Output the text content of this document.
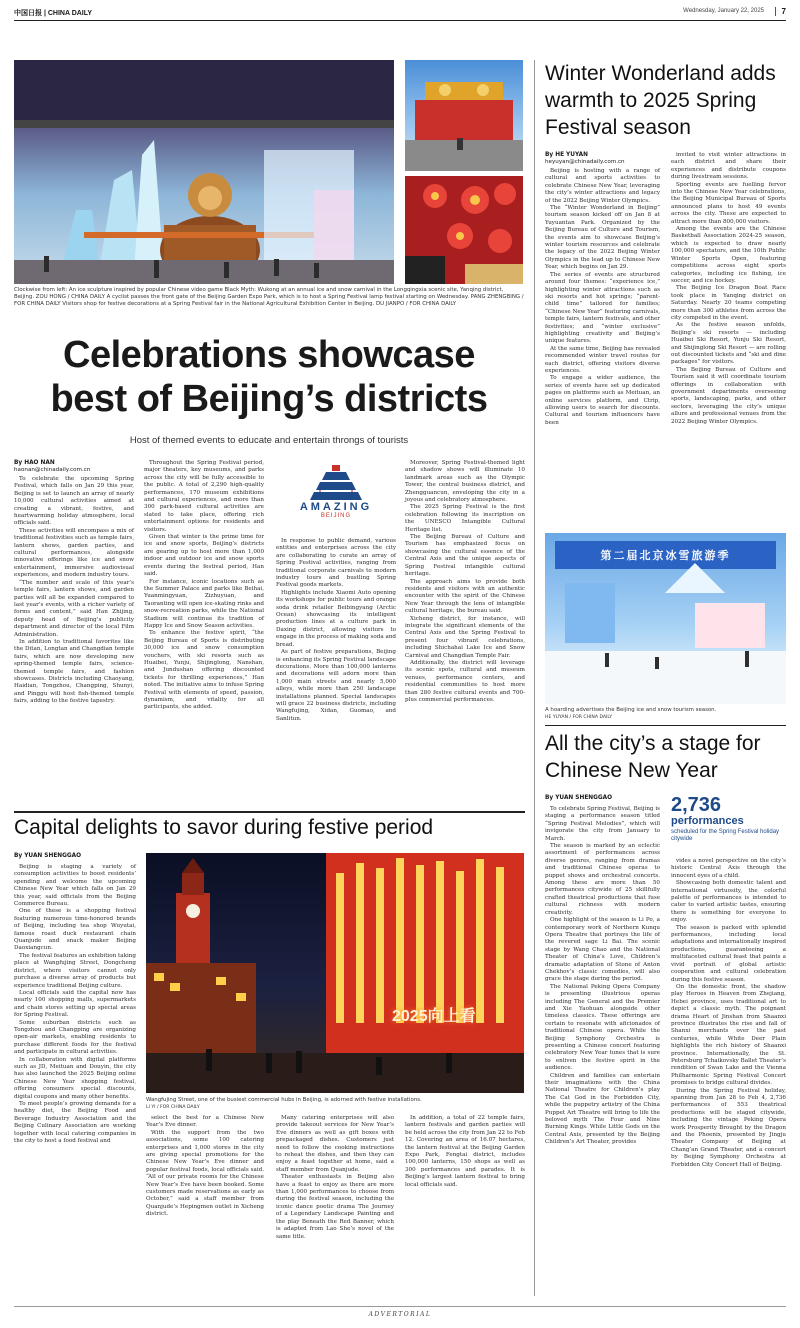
中国日报 | CHINA DAILY	Wednesday, January 22, 2025	7
Clockwise from left: An ice sculpture inspired by popular Chinese video game Black Myth: Wukong at an annual ice and snow carnival in the Longqingxia scenic site, Yanqing district, Beijing. ZOU HONG / CHINA DAILY A cyclist passes the front gate of the Beijing Garden Expo Park, which is to host a Spring Festival lamp festival starting on Wednesday. PANG ZHENGBING / FOR CHINA DAILY Visitors shop for festive decorations at a Spring Festival fair in the National Agricultural Exhibition Center in Beijing. DU JIANPO / FOR CHINA DAILY
Celebrations showcase
best of Beijing’s districts
Host of themed events to educate and entertain throngs of tourists
By HAO NAN
haonan@chinadaily.com.cn

To celebrate the upcoming Spring Festival, which falls on Jan 29 this year, Beijing is set to launch an array of nearly 10,000 cultural activities aimed at creating a vibrant, festive, and heartwarming holiday atmosphere, local officials said.

These activities will encompass a mix of traditional festivities such as temple fairs, lantern shows, garden parties, and cultural performances, alongside innovative offerings like ice and snow entertainment, immersive audiovisual experiences, and modern industry tours.

“The number and scale of this year’s temple fairs, lantern shows, and garden parties will all be expanded compared to last year’s events, with a richer variety of forms and content,” said Han Zhijing, deputy head of Beijing’s publicity department and director of the local Film Administration.

In addition to traditional favorites like the Ditan, Longtan and Changdian temple fairs, which are now developing new spring-themed temple fairs, science-themed temple fairs, and fashion showcases. Districts including Chaoyang, Haidian, Tongzhou, Changping, Shunyi, and Pinggu will host fish-themed temple fairs, adding to the festive tapestry.

Throughout the Spring Festival period, major theaters, key museums, and parks across the city will be fully accessible to the public. A total of 2,290 high-quality performances, 170 museum exhibitions and cultural experiences, and more than 300 park-based cultural activities are slated to take place, offering rich entertainment options for residents and visitors.

Given that winter is the prime time for ice and snow sports, Beijing’s districts are gearing up to host more than 1,000 indoor and outdoor ice and snow sports events during the festival period, Han said.

For instance, iconic locations such as the Summer Palace and parks like Beihai, Yuanmingyuan, Zizhuyuan, and Taoranting will open ice-skating rinks and snow-recreation parks, while the National Stadium will continue its tradition of Happy Ice and Snow Season activities.

To enhance the festive spirit, “the Beijing Bureau of Sports is distributing 30,000 ice and snow consumption vouchers, with ski resorts such as Huaibei, Yunju, Shijinglong, Nanshan, and Jundushan offering discounted tickets for thrilling experiences,” Han noted. The initiative aims to infuse Spring Festival with elements of speed, passion, dynamism, and vitality for all participants, she added.

AMAZING
BEIJING

In response to public demand, various entities and enterprises across the city are collaborating to curate an array of Spring Festival activities, ranging from traditional corporate carnivals to modern industry tours and bustling Spring Festival goods markets.

Highlights include Xiaomi Auto opening its workshops for public tours and orange soda drink retailer Beibingyang (Arctic Ocean) showcasing its intelligent production lines at a culture park in Daxing district, allowing visitors to engage in the process of making soda and bread.

As part of festive preparations, Beijing is enhancing its Spring Festival landscape decorations. More than 100,000 lanterns and decorations will adorn more than 1,000 main streets and nearly 5,000 alleys, while more than 250 landscape installations planned. Special landscapes will grace 22 business districts, including Wangfujing, Xidan, Guomao, and Sanlitun.

Moreover, Spring Festival-themed light and shadow shows will illuminate 10 landmark areas such as the Olympic Tower, the central business district, and Zhengguancun, enveloping the city in a joyous and celebratory atmosphere.

The 2025 Spring Festival is the first celebration following its inscription on the UNESCO Intangible Cultural Heritage list.

The Beijing Bureau of Culture and Tourism has emphasized focus on showcasing the cultural essence of the Central Axis and the unique aspects of Spring Festival intangible cultural heritage.

The approach aims to provide both residents and visitors with an authentic encounter with the spirit of the Chinese New Year through the lens of intangible cultural heritage, the bureau said.

Xicheng district, for instance, will integrate the significant elements of the Central Axis and the Spring Festival to present four vibrant celebrations, including Shichahai Lake Ice and Snow Carnival and Changdian Temple Fair.

Additionally, the district will leverage its scenic spots, cultural and museum venues, performance centers, and residential communities to host more than 280 festive cultural events and 700-plus commercial performances.

Winter Wonderland adds warmth to 2025 Spring Festival season
By HE YUYAN
heyuyan@chinadaily.com.cn

Beijing is hosting with a range of cultural and sports activities to celebrate Chinese New Year, leveraging the city’s winter attractions and legacy of the 2022 Beijing Winter Olympics.

The “Winter Wonderland in Beijing” tourism season kicked off on Jan 8 at Yuyuantan Park. Organized by the Beijing Bureau of Culture and Tourism, the events aim to showcase Beijing’s winter tourism resources and celebrate the legacy of the 2022 Beijing Winter Olympics in the lead up to Chinese New Year, which begins on Jan 29.

The series of events are structured around four themes: “experience ice,” highlighting winter attractions such as ski resorts and hot springs; “parent-child time” tailored for families; “Chinese New Year” featuring carnivals, temple fairs, lantern festivals, and other festivities; and “winter exclusive” highlighting creativity and Beijing’s unique features.

At the same time, Beijing has revealed recommended winter travel routes for each district, offering visitors diverse experiences.

To engage a wider audience, the series of events have set up dedicated pages on platforms such as Meituan, an online services platform, and Ctrip, allowing users to search for discounts. Cultural and tourism influencers have been

invited to visit winter attractions in each district and share their experiences and distribute coupons during livestream sessions.

Sporting events are fuelling fervor into the Chinese New Year celebrations, the Beijing Municipal Bureau of Sports announced plans to host 49 events across the city. These are expected to attract more than 800,000 visitors.

Among the events are the Chinese Basketball Association 2024-25 season, which is expected to draw nearly 100,000 spectators, and the 10th Public Winter Sports Open, featuring competitions across eight sports categories, including ice fishing, ice soccer, and ice hockey.

The Beijing Ice Dragon Boat Race took place in Yanqing district on Saturday. Nearly 20 teams competing more than 300 athletes from across the city competed in the event.

As the festive season unfolds, Beijing’s ski resorts — including Huaibei Ski Resort, Yunju Ski Resort, and Shijinglong Ski Resort — are rolling out discounted tickets and “ski and dine packages” for visitors.

The Beijing Bureau of Culture and Tourism said it will coordinate tourism offerings in collaboration with government departments overseeing sports, landscaping, parks, and other sectors, leveraging the city’s unique allure and professional venues from the 2022 Beijing Winter Olympics.

第二届北京冰雪旅游季
A hoarding advertises the Beijing ice and snow tourism season.
HE YUYAN / FOR CHINA DAILY
All the city’s a stage for Chinese New Year
By YUAN SHENGGAO

To celebrate Spring Festival, Beijing is staging a performance season titled “Spring Festival Melodies”, which will invigorate the city from January to March.

The season is marked by an eclectic assortment of performances across diverse genres, ranging from dramas and traditional Chinese operas to puppet shows and orchestral concerts. Among these are more than 50 performances citywide of 25 skillfully crafted theatrical productions that fuse cultural richness with modern creativity.

One highlight of the season is Li Po, a contemporary work of Northern Kunqu Opera Theatre that portrays the life of the revered sage Li Bai. The scenic stage by Wang Chao and the National Theater of China’s Love, Children’s dramatic adaptation of Stone of Anton Chekhov’s classic comedies, will also grace the stage during the period.

The National Peking Opera Company is presenting illustrious operas including The General and the Premier and Xie Yaohuan alongside other timeless classics. These offerings are certain to resonate with aficionados of traditional Chinese opera. While the Beijing Symphony Orchestra is presenting a Chinese concert featuring celebratory New Year tunes that is sure to enliven the festive spirit in the audience.

Children and families can entertain their imaginations with the China National Theatre for Children’s play The Cat God in the Forbidden City, while the puppetry artistry of the China Puppet Art Theatre will bring to life the beloved myth The Four and Nine Burning Kings. While Little Gods on the Central Axis, presented by the Beijing Children’s Art Theater, provides

2,736
performances
scheduled for the Spring Festival holiday citywide

vides a novel perspective on the city’s historic Central Axis through the innocent eyes of a child.

Showcasing both domestic talent and international virtuosity, the colorful palette of performances is intended to cater to varied artistic tastes, ensuring there is something for everyone to enjoy.

The season is packed with splendid performances, including local adaptations and internationally inspired productions, guaranteeing a multifaceted cultural feast that paints a vivid portrait of global artistic cooperation and cultural celebration during this festive season.

On the domestic front, the shadow play Heroes in Heaven from Zhejiang, Hebei province, uses traditional art to depict a classic myth. The poignant drama Heart of Jinshan from Shaanxi province illustrates the rise and fall of Shanxi merchants over the past centuries, while White Deer Plain highlights the rich history of Shaanxi province. Internationally, the St. Petersburg Tchaikovsky Ballet Theater’s rendition of Swan Lake and the Vienna Philharmonic Spring Festival Concert promises to bridge cultural divides.

During the Spring Festival holiday, spanning from Jan 28 to Feb 4, 2,736 performances of 553 theatrical productions will be staged citywide, including the vintage Peking Opera work Prosperity Brought by the Dragon and the Phoenix, presented by Jingju Theater Company of Beijing at Chang’an Grand Theater, and a concert by Beijing Symphony Orchestra at Forbidden City Concert Hall of Beijing.

Capital delights to savor during festive period
By YUAN SHENGGAO

Beijing is staging a variety of consumption activities to boost residents’ spending and welcome the upcoming Chinese New Year which falls on Jan 29 this year, said officials from the Beijing Commerce Bureau.

One of these is a shopping festival featuring numerous time-honored brands of Beijing, including tea shop Wuyutai, famous roast duck restaurant chain Quanjude and snack maker Beijing Daoxiangcun.

The festival features an exhibition taking place at Wangfujing Street, Dongcheng district, where visitors cannot only purchase a diverse array of products but experience traditional Beijing culture.

Local officials said the capital now has nearly 100 shopping malls, supermarkets and chain stores setting up special areas for Spring Festival.

Some suburban districts such as Tongzhou and Changping are organizing open-air markets, enabling residents to purchase different foods for the festival and participate in cultural activities.

In collaboration with digital platforms such as JD, Meituan and Douyin, the city has also launched the 2025 Beijing online Chinese New Year shopping festival, offering consumers special discounts, digital coupons and many other benefits.

To meet people’s growing demands for a healthy diet, the Beijing Food and Beverage Industry Association and the Beijing Culinary Association are working together with local catering companies in the city to host a food festival and

2025向上看
Wangfujing Street, one of the busiest commercial hubs in Beijing, is adorned with festive installations.
LI YI / FOR CHINA DAILY

select the best for a Chinese New Year’s Eve dinner.

With the support from the two associations, some 100 catering enterprises and 1,000 stores in the city are giving special promotions for the Chinese New Year’s Eve dinner and popular festival foods, local officials said. “All of our private rooms for the Chinese New Year’s Eve have been booked. Some customers made reservations as early as October,” said a staff member from Quanjude’s Hepingmen outlet in Xicheng district.

Many catering enterprises will also provide takeout services for New Year’s Eve dinners as well as gift boxes with prepackaged dishes. Customers just need to follow the cooking instructions to reheat the dishes, and then they can enjoy a feast together at home, said a staff member from Quanjude.

Theater enthusiasts in Beijing also have a feast to enjoy as there are more than 1,000 performances to choose from during the festival season, including the iconic dance poetic drama The Journey of a Legendary Landscape Painting and the play Beneath the Red Banner, which is adapted from Lao She’s novel of the same title.

In addition, a total of 22 temple fairs, lantern festivals and garden parties will be held across the city from Jan 22 to Feb 12. Covering an area of 16.07 hectares, the lantern festival at the Beijing Garden Expo Park, Fengtai district, includes 100,000 lanterns, 150 shops as well as 300 performances and parades. It is Beijing’s largest lantern festival to bring local officials said.

ADVERTORIAL
